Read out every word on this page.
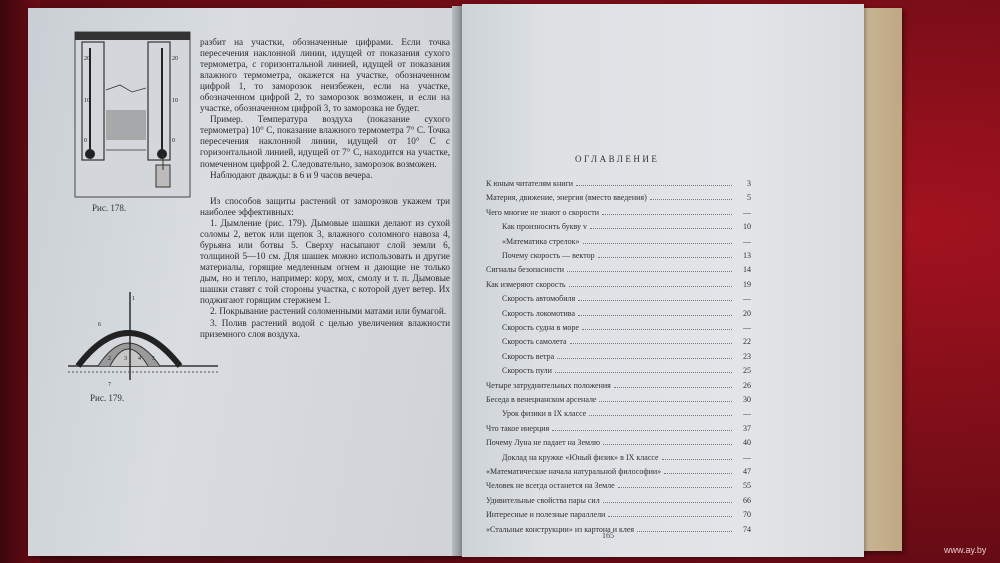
20
10
0
20
10
0
Рис. 178.
1
2 3 4 5
6
7
Рис. 179.

разбит на участки, обозначенные цифрами. Если точка пересечения наклонной линии, идущей от показания сухого термометра, с горизонтальной линией, идущей от показания влажного термометра, окажется на участке, обозначенном цифрой 1, то заморозок неизбежен, если на участке, обозначенном цифрой 2, то заморозок возможен, и если на участке, обозначенном цифрой 3, то заморозка не будет.

Пример. Температура воздуха (показание сухого термометра) 10° С, показание влажного термометра 7° С. Точка пересечения наклонной линии, идущей от 10° С с горизонтальной линией, идущей от 7° С, находится на участке, помеченном цифрой 2. Следовательно, заморозок возможен.

Наблюдают дважды: в 6 и 9 часов вечера.

Из способов защиты растений от заморозков укажем три наиболее эффективных:

1. Дымление (рис. 179). Дымовые шашки делают из сухой соломы 2, веток или щепок 3, влажного соломного навоза 4, бурьяна или ботвы 5. Сверху насыпают слой земли 6, толщиной 5—10 см. Для шашек можно использовать и другие материалы, горящие медленным огнем и дающие не только дым, но и тепло, например: кору, мох, смолу и т. п. Дымовые шашки ставят с той стороны участка, с которой дует ветер. Их поджигают горящим стержнем 1.

2. Покрывание растений соломенными матами или бумагой.

3. Полив растений водой с целью увеличения влажности приземного слоя воздуха.

ОГЛАВЛЕНИЕ
К юным читателям книги	3
Материя, движение, энергия (вместо введения)	5
Чего многие не знают о скорости	—
Как произносить букву v	10
«Математика стрелок»	—
Почему скорость — вектор	13
Сигналы безопасности	14
Как измеряют скорость	19
Скорость автомобиля	—
Скорость локомотива	20
Скорость судна в море	—
Скорость самолета	22
Скорость ветра	23
Скорость пули	25
Четыре затруднительных положения	26
Беседа в венецианском арсенале	30
Урок физики в IX классе	—
Что такое инерция	37
Почему Луна не падает на Землю	40
Доклад на кружке «Юный физик» в IX классе	—
«Математические начала натуральной философии»	47
Человек не всегда останется на Земле	55
Удивительные свойства пары сил	66
Интересные и полезные параллели	70
«Стальные конструкции» из картона и клея	74
165
www.ay.by
